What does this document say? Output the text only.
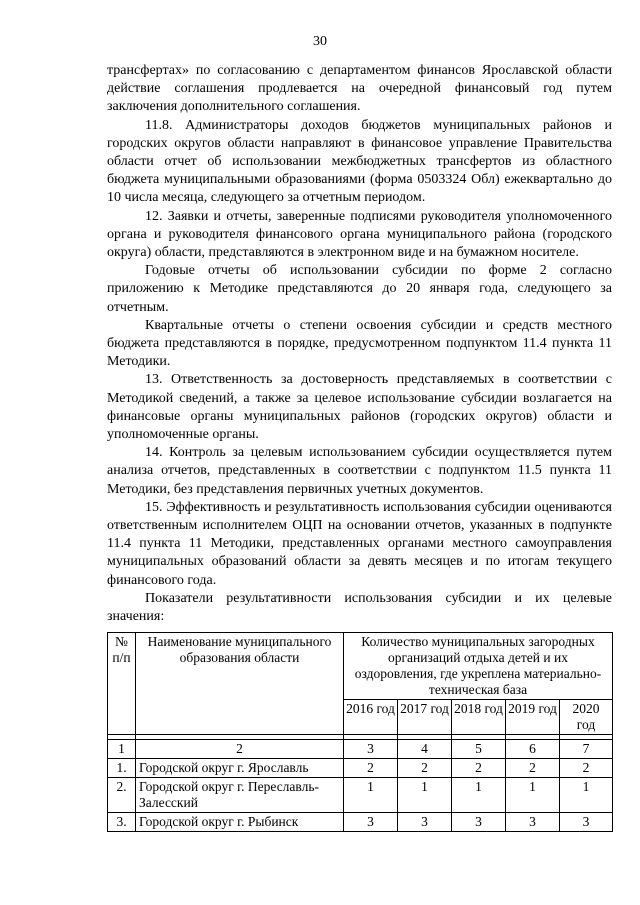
30

трансфертах» по согласованию с департаментом финансов Ярославской области действие соглашения продлевается на очередной финансовый год путем заключения дополнительного соглашения.

11.8. Администраторы доходов бюджетов муниципальных районов и городских округов области направляют в финансовое управление Правительства области отчет об использовании межбюджетных трансфертов из областного бюджета муниципальными образованиями (форма 0503324 Обл) ежеквартально до 10 числа месяца, следующего за отчетным периодом.

12. Заявки и отчеты, заверенные подписями руководителя уполномоченного органа и руководителя финансового органа муниципального района (городского округа) области, представляются в электронном виде и на бумажном носителе.

Годовые отчеты об использовании субсидии по форме 2 согласно приложению к Методике представляются до 20 января года, следующего за отчетным.

Квартальные отчеты о степени освоения субсидии и средств местного бюджета представляются в порядке, предусмотренном подпунктом 11.4 пункта 11 Методики.

13. Ответственность за достоверность представляемых в соответствии с Методикой сведений, а также за целевое использование субсидии возлагается на финансовые органы муниципальных районов (городских округов) области и уполномоченные органы.

14. Контроль за целевым использованием субсидии осуществляется путем анализа отчетов, представленных в соответствии с подпунктом 11.5 пункта 11 Методики, без представления первичных учетных документов.

15. Эффективность и результативность использования субсидии оцениваются ответственным исполнителем ОЦП на основании отчетов, указанных в подпункте 11.4 пункта 11 Методики, представленных органами местного самоуправления муниципальных образований области за девять месяцев и по итогам текущего финансового года.

Показатели результативности использования субсидии и их целевые значения:

№ п/п	Наименование муниципального образования области	Количество муниципальных загородных организаций отдыха детей и их оздоровления, где укреплена материально-техническая база				
		2016 год	2017 год	2018 год	2019 год	2020 год

1	2	3	4	5	6	7
1.	Городской округ г. Ярославль	2	2	2	2	2
2.	Городской округ г. Переславль-Залесский	1	1	1	1	1
3.	Городской округ г. Рыбинск	3	3	3	3	3
